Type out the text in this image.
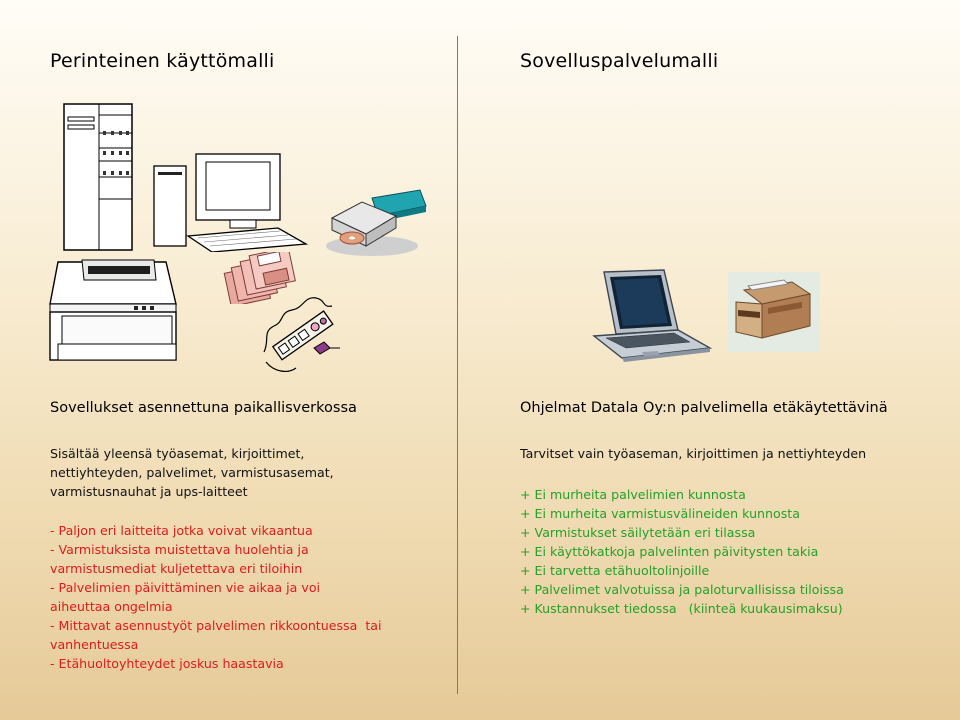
Perinteinen käyttömalli	Sovelluspalvelumalli
Sovellukset asennettuna paikallisverkossa	Ohjelmat Datala Oy:n palvelimella etäkäytettävinä
Sisältää yleensä työasemat, kirjoittimet,
nettiyhteyden, palvelimet, varmistusasemat,
varmistusnauhat ja ups-laitteet
- Paljon eri laitteita jotka voivat vikaantua
- Varmistuksista muistettava huolehtia ja
varmistusmediat kuljetettava eri tiloihin
- Palvelimien päivittäminen vie aikaa ja voi
aiheuttaa ongelmia
- Mittavat asennustyöt palvelimen rikkoontuessa  tai
vanhentuessa
- Etähuoltoyhteydet joskus haastavia
Tarvitset vain työaseman, kirjoittimen ja nettiyhteyden
+ Ei murheita palvelimien kunnosta
+ Ei murheita varmistusvälineiden kunnosta
+ Varmistukset säilytetään eri tilassa
+ Ei käyttökatkoja palvelinten päivitysten takia
+ Ei tarvetta etähuoltolinjoille
+ Palvelimet valvotuissa ja paloturvallisissa tiloissa
+ Kustannukset tiedossa   (kiinteä kuukausimaksu)
